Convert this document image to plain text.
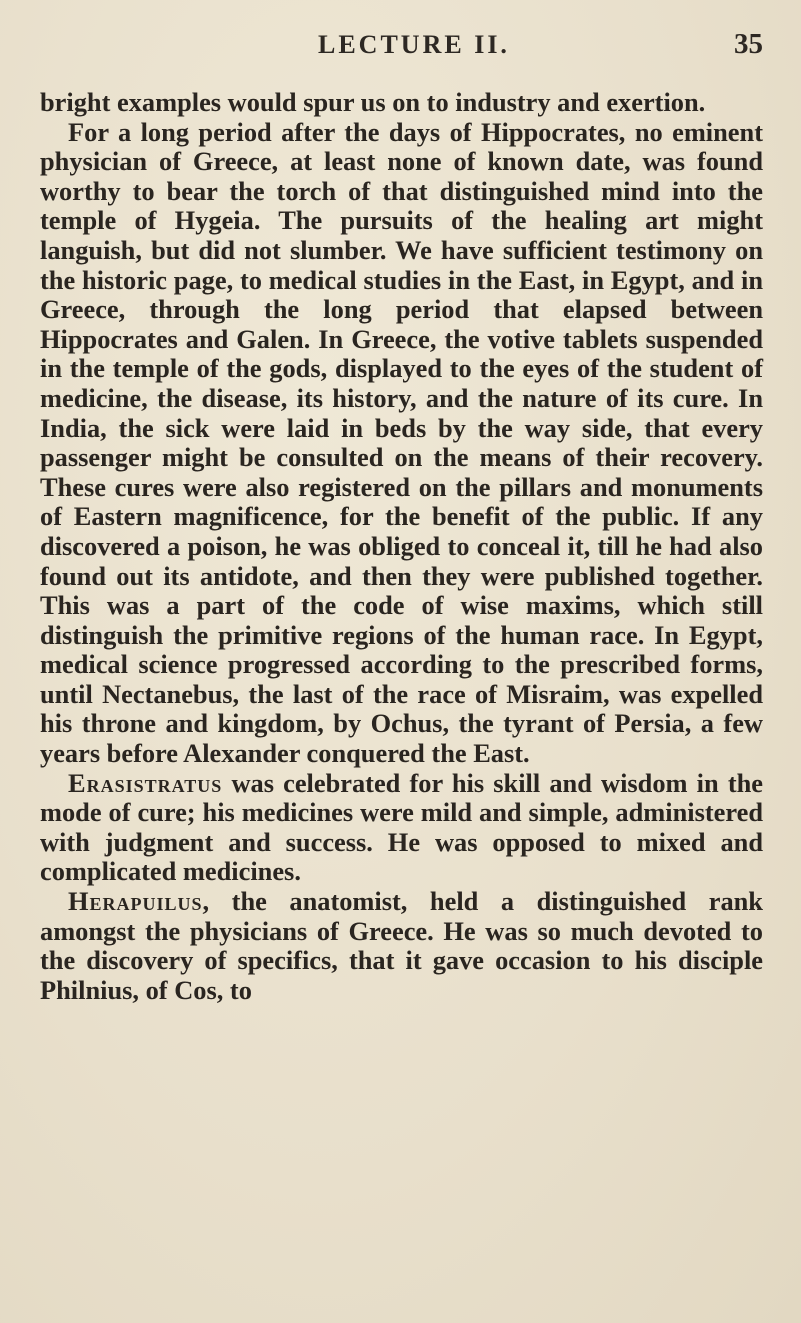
LECTURE II.	35

bright examples would spur us on to industry and exertion.

For a long period after the days of Hippocrates, no eminent physician of Greece, at least none of known date, was found worthy to bear the torch of that distinguished mind into the temple of Hygeia. The pursuits of the healing art might languish, but did not slumber. We have sufficient testimony on the historic page, to medical studies in the East, in Egypt, and in Greece, through the long period that elapsed between Hippocrates and Galen. In Greece, the votive tablets suspended in the temple of the gods, displayed to the eyes of the student of medicine, the disease, its history, and the nature of its cure. In India, the sick were laid in beds by the way side, that every passenger might be consulted on the means of their recovery. These cures were also registered on the pillars and monuments of Eastern magnificence, for the benefit of the public. If any discovered a poison, he was obliged to conceal it, till he had also found out its antidote, and then they were published together. This was a part of the code of wise maxims, which still distinguish the primitive regions of the human race. In Egypt, medical science progressed according to the prescribed forms, until Nectanebus, the last of the race of Misraim, was expelled his throne and kingdom, by Ochus, the tyrant of Persia, a few years before Alexander conquered the East.

Erasistratus was celebrated for his skill and wisdom in the mode of cure; his medicines were mild and simple, administered with judgment and success. He was opposed to mixed and complicated medicines.

Herapuilus, the anatomist, held a distinguished rank amongst the physicians of Greece. He was so much devoted to the discovery of specifics, that it gave occasion to his disciple Philnius, of Cos, to
